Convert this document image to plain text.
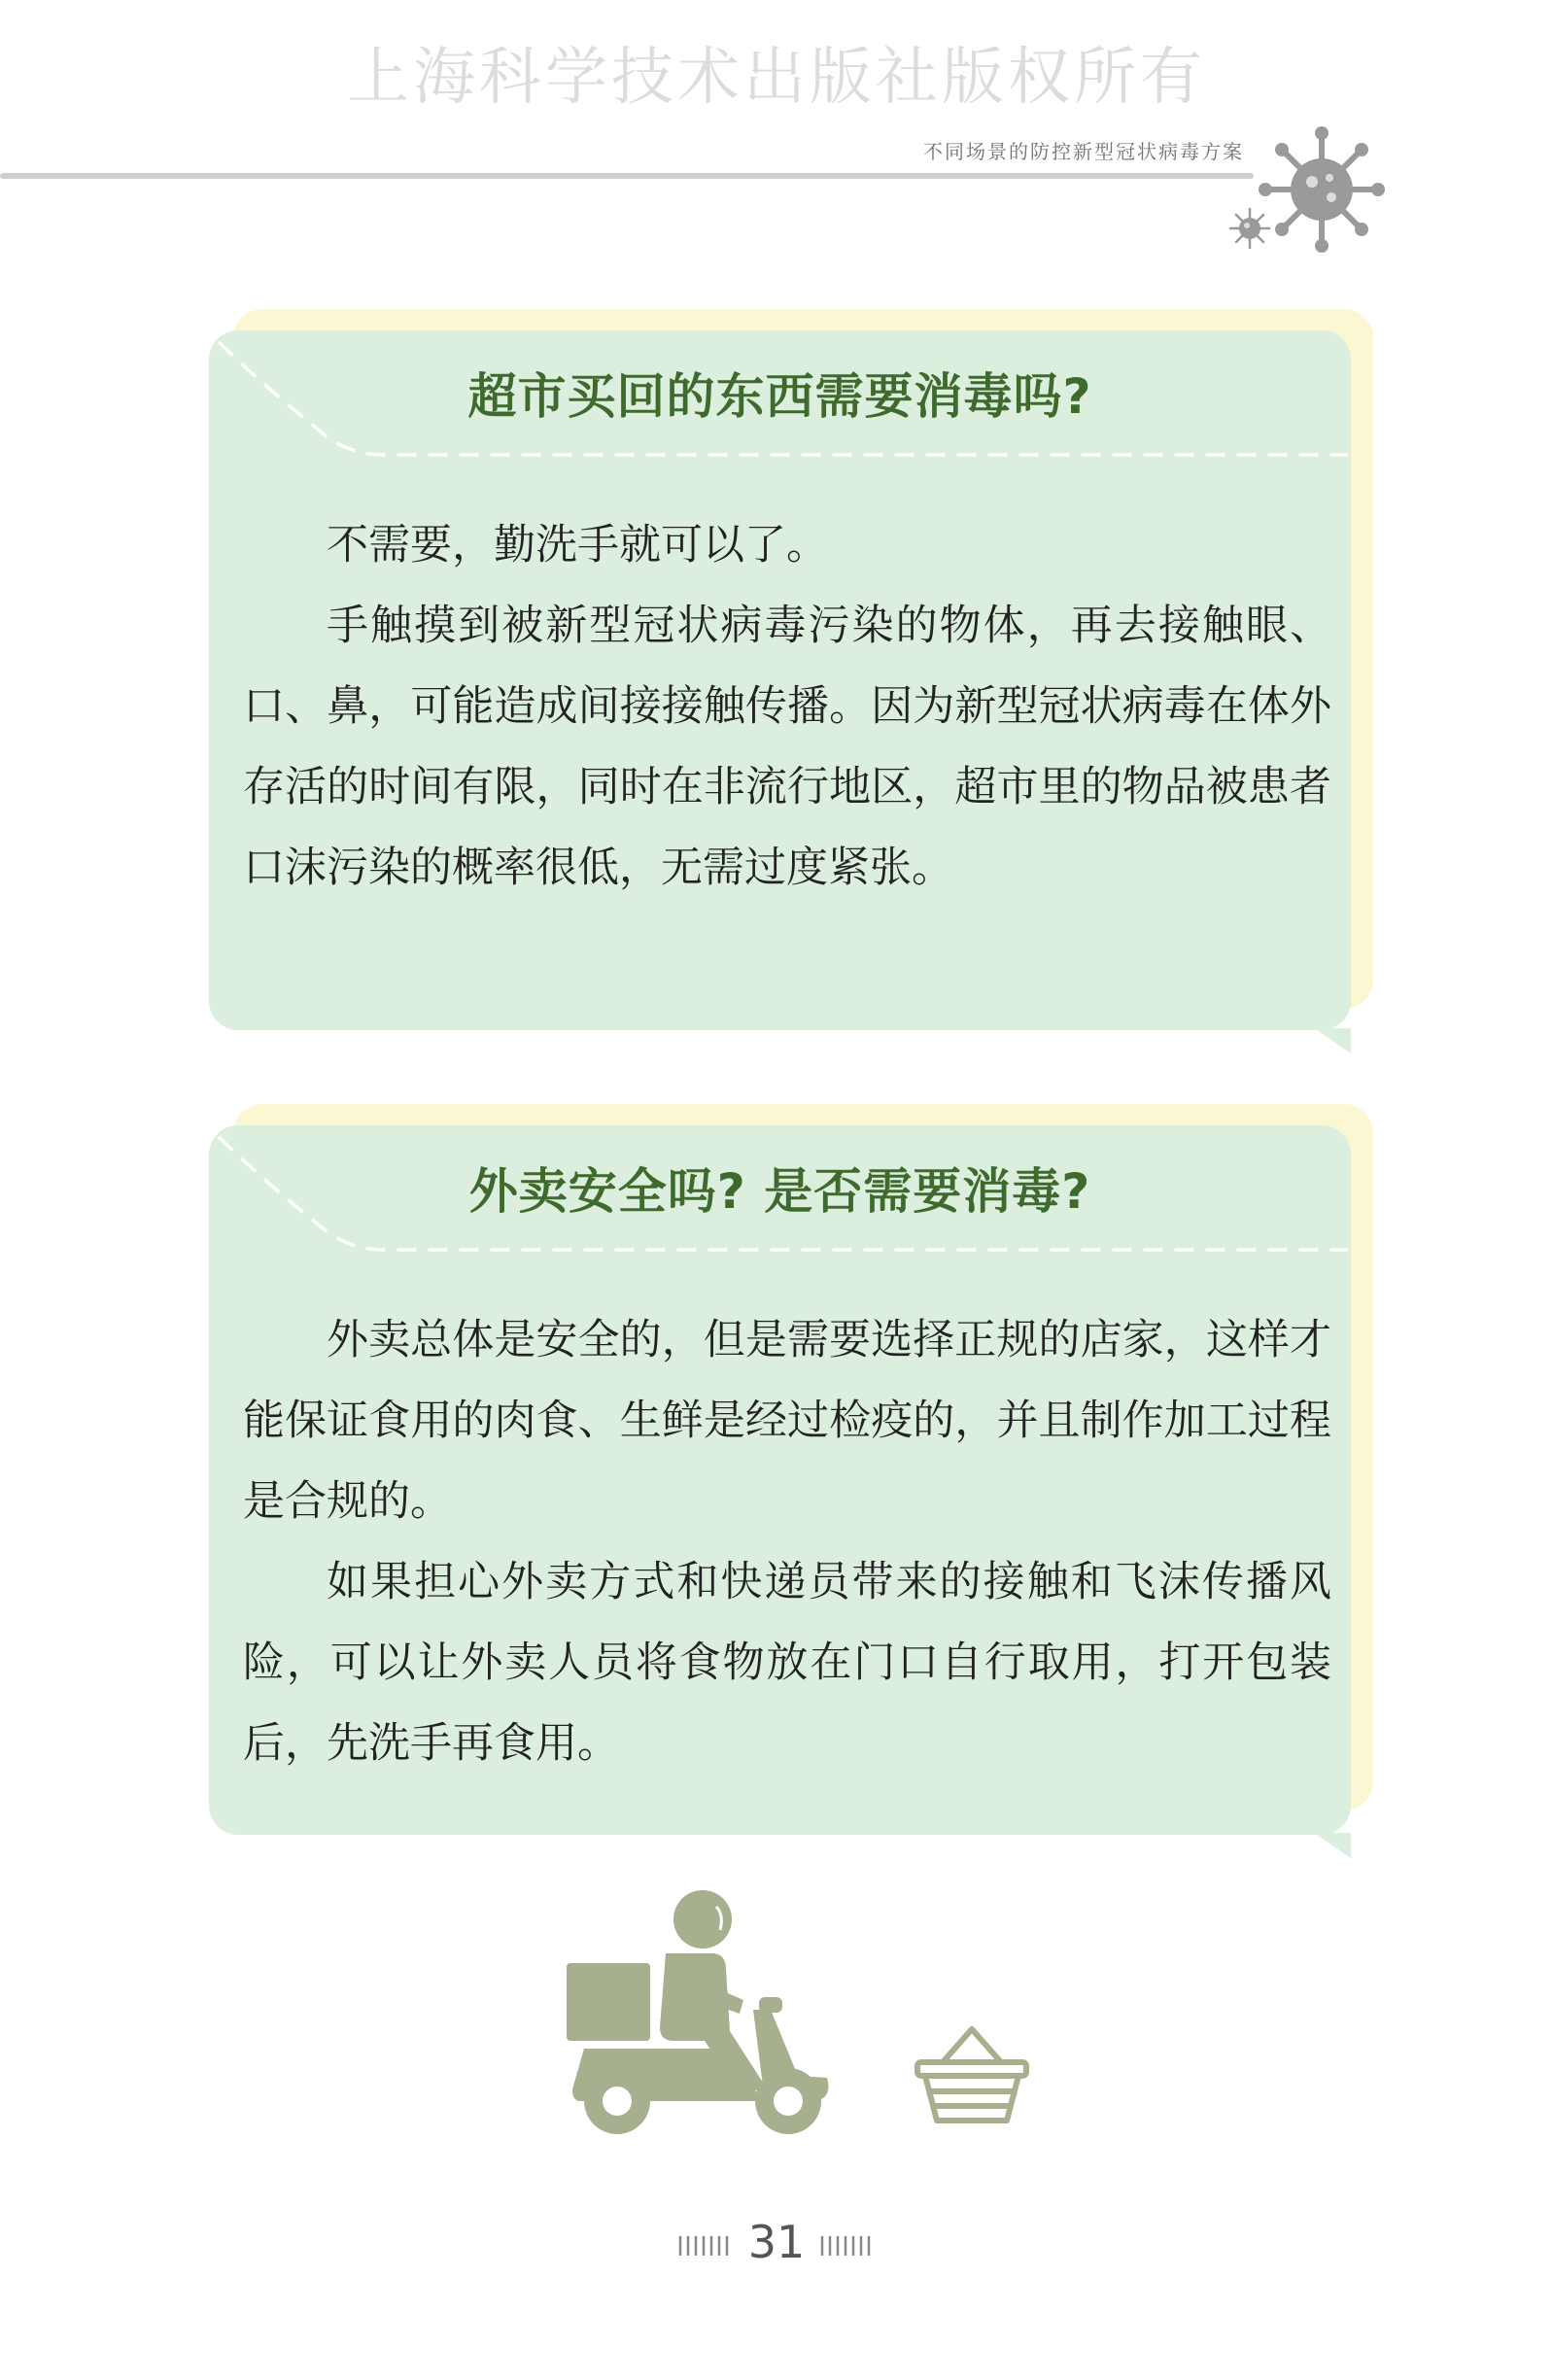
上海科学技术出版社版权所有
不同场景的防控新型冠状病毒方案
超市买回的东西需要消毒吗?

不需要，勤洗手就可以了。

手触摸到被新型冠状病毒污染的物体，再去接触眼、口、鼻，可能造成间接接触传播。因为新型冠状病毒在体外存活的时间有限，同时在非流行地区，超市里的物品被患者口沫污染的概率很低，无需过度紧张。

外卖安全吗? 是否需要消毒?

外卖总体是安全的，但是需要选择正规的店家，这样才能保证食用的肉食、生鲜是经过检疫的，并且制作加工过程是合规的。

如果担心外卖方式和快递员带来的接触和飞沫传播风险，可以让外卖人员将食物放在门口自行取用，打开包装后，先洗手再食用。

31
